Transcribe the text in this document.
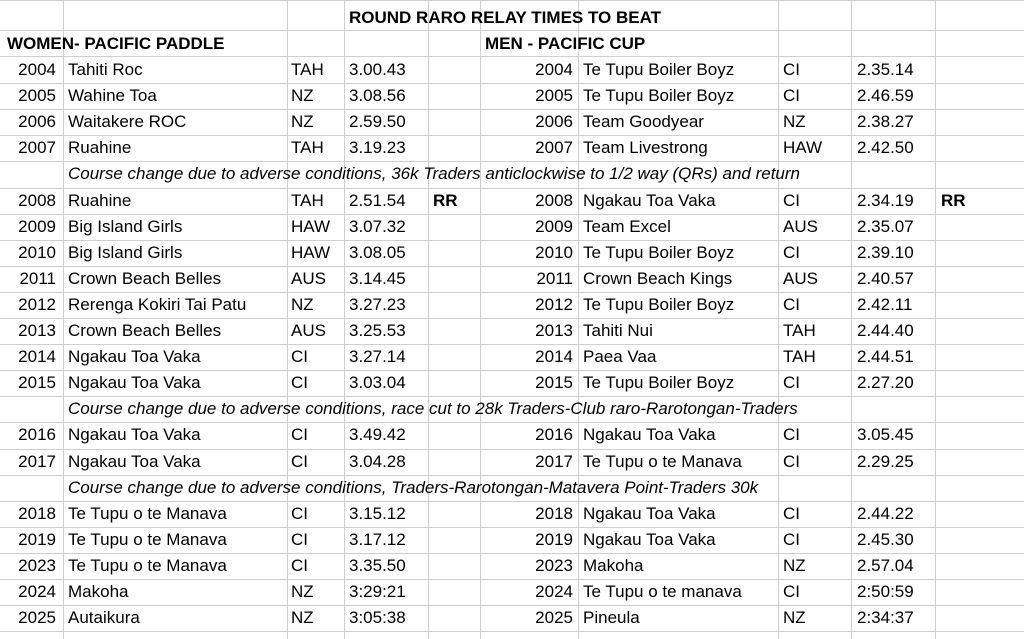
ROUND RARO RELAY TIMES TO BEAT
WOMEN- PACIFIC PADDLE	MEN - PACIFIC CUP
2004 Tahiti Roc	TAH	3.00.43	2004 Te Tupu Boiler Boyz	CI	2.35.14
2005 Wahine Toa	NZ	3.08.56	2005 Te Tupu Boiler Boyz	CI	2.46.59
2006 Waitakere ROC	NZ	2.59.50	2006 Team Goodyear	NZ	2.38.27
2007 Ruahine	TAH	3.19.23	2007 Team Livestrong	HAW	2.42.50
Course change due to adverse conditions, 36k Traders anticlockwise to 1/2 way (QRs) and return
2008 Ruahine	TAH	2.51.54	RR	2008 Ngakau Toa Vaka	CI	2.34.19	RR
2009 Big Island Girls	HAW	3.07.32	2009 Team Excel	AUS	2.35.07
2010 Big Island Girls	HAW	3.08.05	2010 Te Tupu Boiler Boyz	CI	2.39.10
2011 Crown Beach Belles	AUS	3.14.45	2011 Crown Beach Kings	AUS	2.40.57
2012 Rerenga Kokiri Tai Patu	NZ	3.27.23	2012 Te Tupu Boiler Boyz	CI	2.42.11
2013 Crown Beach Belles	AUS	3.25.53	2013 Tahiti Nui	TAH	2.44.40
2014 Ngakau Toa Vaka	CI	3.27.14	2014 Paea Vaa	TAH	2.44.51
2015 Ngakau Toa Vaka	CI	3.03.04	2015 Te Tupu Boiler Boyz	CI	2.27.20
Course change due to adverse conditions, race cut to 28k Traders-Club raro-Rarotongan-Traders
2016 Ngakau Toa Vaka	CI	3.49.42	2016 Ngakau Toa Vaka	CI	3.05.45
2017 Ngakau Toa Vaka	CI	3.04.28	2017 Te Tupu o te Manava	CI	2.29.25
Course change due to adverse conditions, Traders-Rarotongan-Matavera Point-Traders 30k
2018 Te Tupu o te Manava	CI	3.15.12	2018 Ngakau Toa Vaka	CI	2.44.22
2019 Te Tupu o te Manava	CI	3.17.12	2019 Ngakau Toa Vaka	CI	2.45.30
2023 Te Tupu o te Manava	CI	3.35.50	2023 Makoha	NZ	2.57.04
2024 Makoha	NZ	3:29:21	2024 Te Tupu o te manava	CI	2:50:59
2025 Autaikura	NZ	3:05:38	2025 Pineula	NZ	2:34:37
